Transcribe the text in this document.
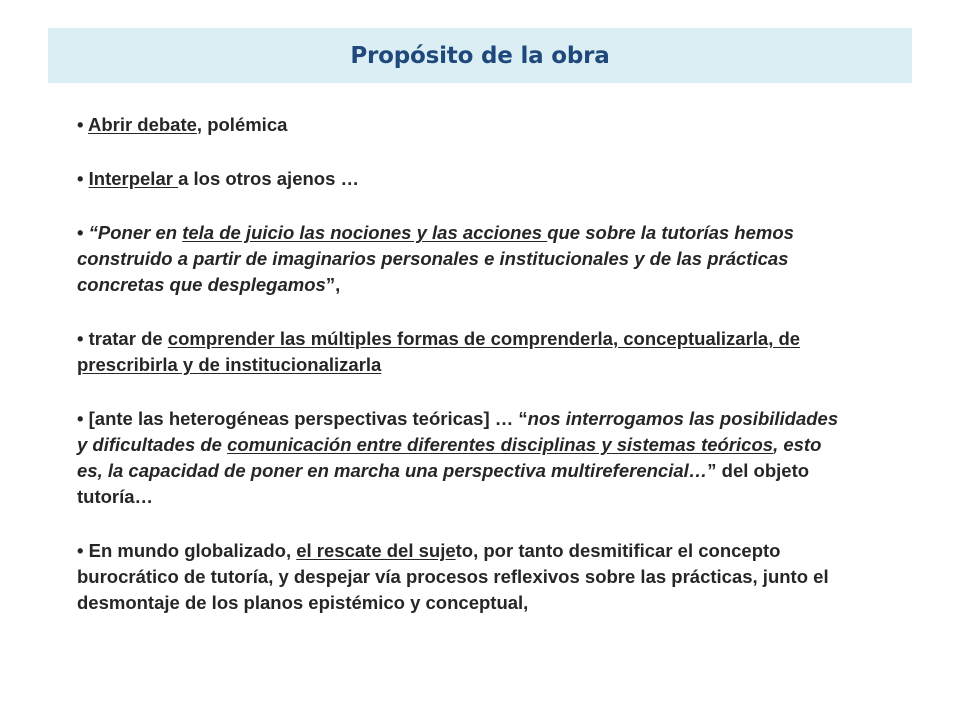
Propósito de la obra

• Abrir debate, polémica

• Interpelar a los otros ajenos …

• “Poner en tela de juicio las nociones y las acciones que sobre la tutorías hemos construido a partir de imaginarios personales e institucionales y de las prácticas concretas que desplegamos”,

• tratar de comprender las múltiples formas de comprenderla, conceptualizarla, de prescribirla y de institucionalizarla

• [ante las heterogéneas perspectivas teóricas] … “nos interrogamos las posibilidades y dificultades de comunicación entre diferentes disciplinas y sistemas teóricos, esto es, la capacidad de poner en marcha una perspectiva multireferencial…” del objeto tutoría…

• En mundo globalizado, el rescate del sujeto, por tanto desmitificar el concepto burocrático de tutoría, y despejar vía procesos reflexivos sobre las prácticas, junto el desmontaje de los planos epistémico y conceptual,
